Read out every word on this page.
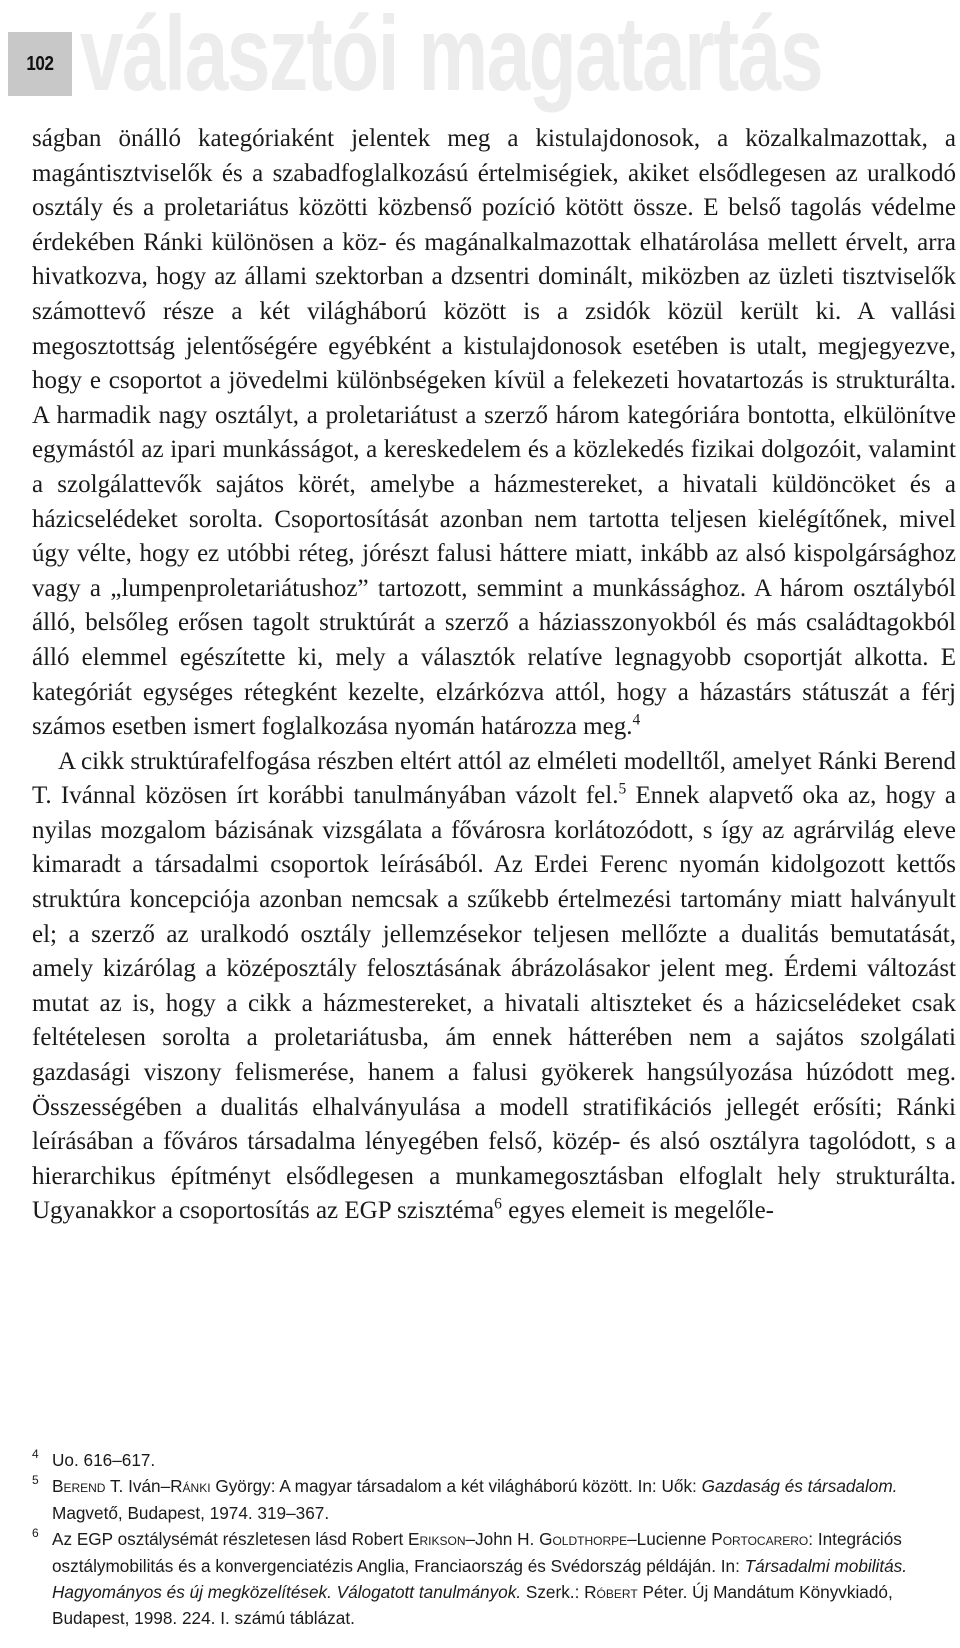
102 választói magatartás

ságban önálló kategóriaként jelentek meg a kistulajdonosok, a közalkalmazottak, a magántisztviselők és a szabadfoglalkozású értelmiségiek, akiket elsődlegesen az uralkodó osztály és a proletariátus közötti közbenső pozíció kötött össze. E belső tagolás védelme érdekében Ránki különösen a köz- és magánalkalmazottak elhatárolása mellett érvelt, arra hivatkozva, hogy az állami szektorban a dzsentri dominált, miközben az üzleti tisztviselők számottevő része a két világháború között is a zsidók közül került ki. A vallási megosztottság jelentőségére egyébként a kistulajdonosok esetében is utalt, megjegyezve, hogy e csoportot a jövedelmi különbségeken kívül a felekezeti hovatartozás is strukturálta. A harmadik nagy osztályt, a proletariátust a szerző három kategóriára bontotta, elkülönítve egymástól az ipari munkásságot, a kereskedelem és a közlekedés fizikai dolgozóit, valamint a szolgálattevők sajátos körét, amelybe a házmestereket, a hivatali küldöncöket és a házicselédeket sorolta. Csoportosítását azonban nem tartotta teljesen kielégítőnek, mivel úgy vélte, hogy ez utóbbi réteg, jórészt falusi háttere miatt, inkább az alsó kispolgársághoz vagy a „lumpenproletariátushoz” tartozott, semmint a munkássághoz. A három osztályból álló, belsőleg erősen tagolt struktúrát a szerző a háziasszonyokból és más családtagokból álló elemmel egészítette ki, mely a választók relatíve legnagyobb csoportját alkotta. E kategóriát egységes rétegként kezelte, elzárkózva attól, hogy a házastárs státuszát a férj számos esetben ismert foglalkozása nyomán határozza meg.$^4$

A cikk struktúrafelfogása részben eltért attól az elméleti modelltől, amelyet Ránki Berend T. Ivánnal közösen írt korábbi tanulmányában vázolt fel.$^5$ Ennek alapvető oka az, hogy a nyilas mozgalom bázisának vizsgálata a fővárosra korlátozódott, s így az agrárvilág eleve kimaradt a társadalmi csoportok leírásából. Az Erdei Ferenc nyomán kidolgozott kettős struktúra koncepciója azonban nemcsak a szűkebb értelmezési tartomány miatt halványult el; a szerző az uralkodó osztály jellemzésekor teljesen mellőzte a dualitás bemutatását, amely kizárólag a középosztály felosztásának ábrázolásakor jelent meg. Érdemi változást mutat az is, hogy a cikk a házmestereket, a hivatali altiszteket és a házicselédeket csak feltételesen sorolta a proletariátusba, ám ennek hátterében nem a sajátos szolgálati gazdasági viszony felismerése, hanem a falusi gyökerek hangsúlyozása húzódott meg. Összességében a dualitás elhalványulása a modell stratifikációs jellegét erősíti; Ránki leírásában a főváros társadalma lényegében felső, közép- és alsó osztályra tagolódott, s a hierarchikus építményt elsődlegesen a munkamegosztásban elfoglalt hely strukturálta. Ugyanakkor a csoportosítás az EGP szisztéma$^6$ egyes elemeit is megelőle-

4 Uo. 616–617.

5 Berend T. Iván–Ránki György: A magyar társadalom a két világháború között. In: Uők: Gazdaság és társadalom. Magvető, Budapest, 1974. 319–367.

6 Az EGP osztálysémát részletesen lásd Robert Erikson–John H. Goldthorpe–Lucienne Portocarero: Integrációs osztálymobilitás és a konvergenciatézis Anglia, Franciaország és Svédország példáján. In: Társadalmi mobilitás. Hagyományos és új megközelítések. Válogatott tanulmányok. Szerk.: Róbert Péter. Új Mandátum Könyvkiadó, Budapest, 1998. 224. I. számú táblázat.
